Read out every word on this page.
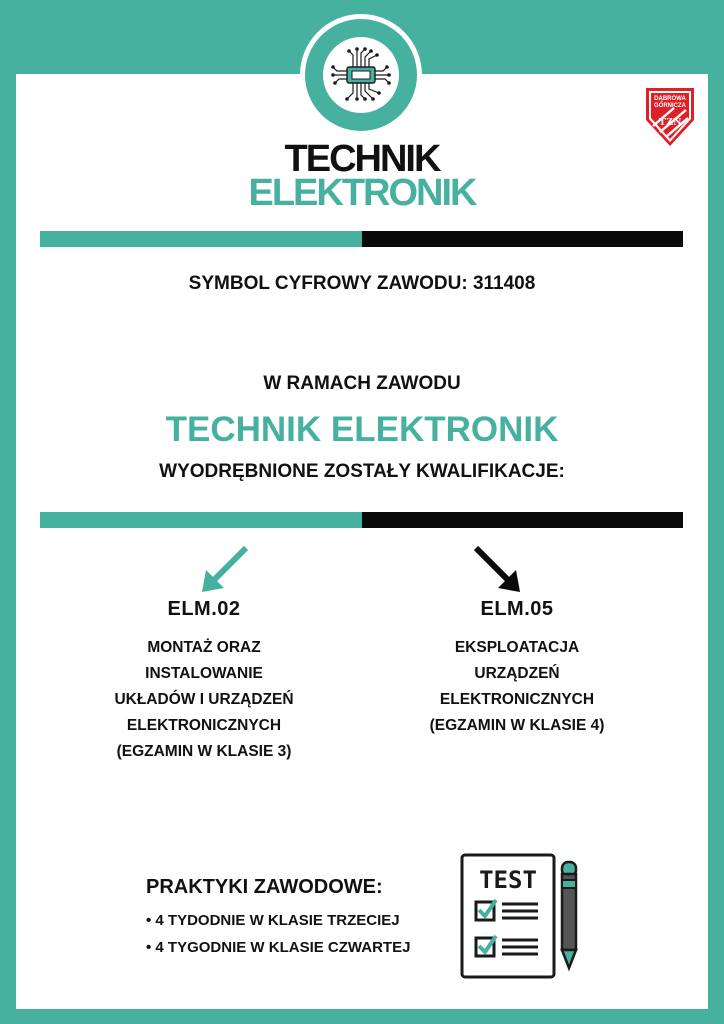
DĄBROWA
GÓRNICZA
TZN
TECHNIK
ELEKTRONIK
SYMBOL CYFROWY ZAWODU: 311408
W RAMACH ZAWODU
TECHNIK ELEKTRONIK
WYODRĘBNIONE ZOSTAŁY KWALIFIKACJE:
ELM.02
MONTAŻ ORAZ
INSTALOWANIE
UKŁADÓW I URZĄDZEŃ
ELEKTRONICZNYCH
(EGZAMIN W KLASIE 3)
ELM.05
EKSPLOATACJA
URZĄDZEŃ
ELEKTRONICZNYCH
(EGZAMIN W KLASIE 4)
PRAKTYKI ZAWODOWE:
• 4 TYDODNIE W KLASIE TRZECIEJ
• 4 TYGODNIE W KLASIE CZWARTEJ
TEST
